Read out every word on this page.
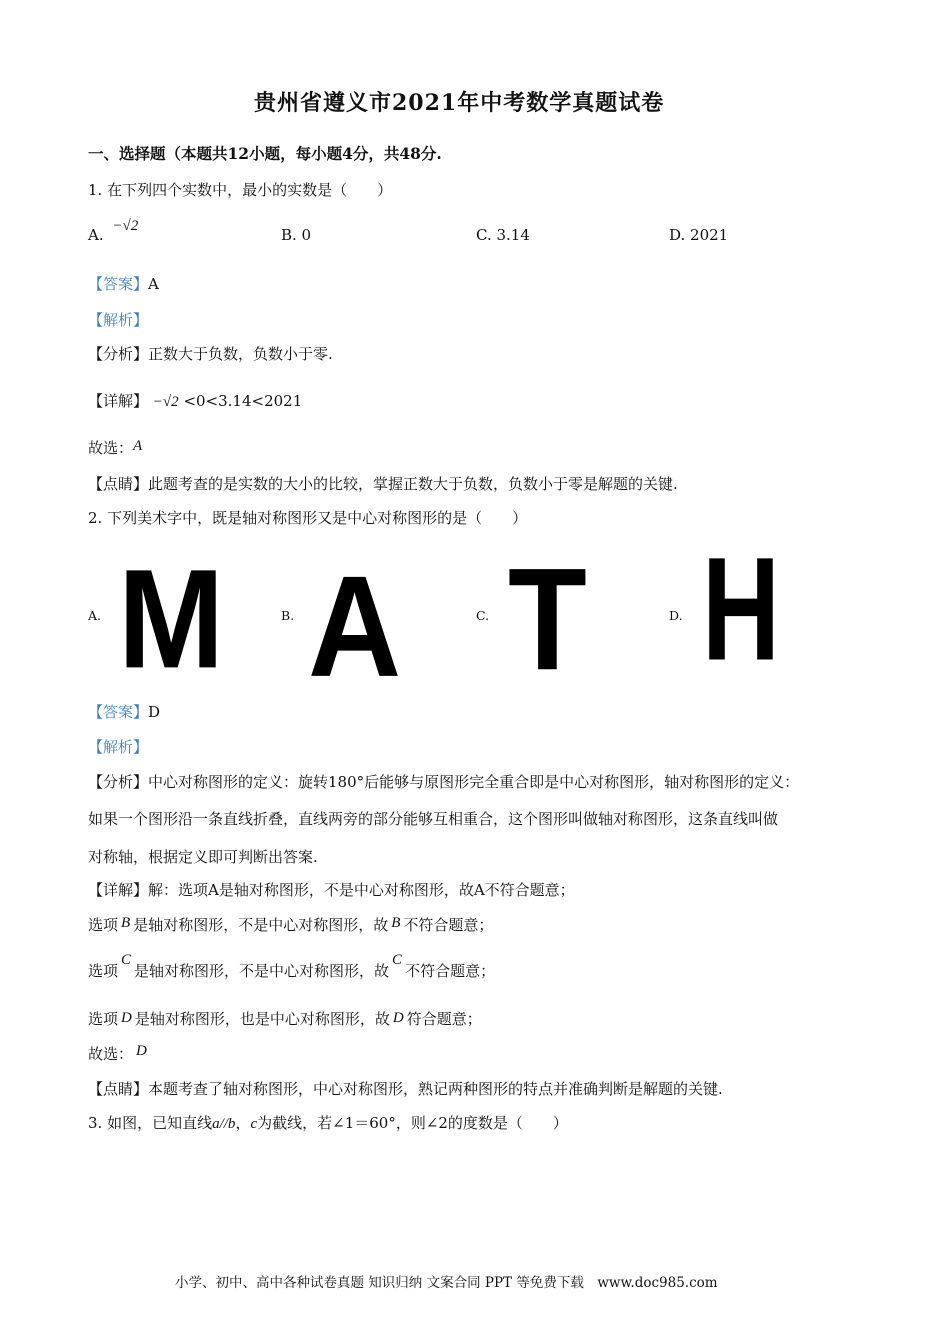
贵州省遵义市2021年中考数学真题试卷
一、选择题（本题共12小题，每小题4分，共48分.
1. 在下列四个实数中，最小的实数是（　　）
A. −√2	B. 0	C. 3.14	D. 2021
【答案】A
【解析】
【分析】正数大于负数，负数小于零.
【详解】 −√2 <0<3.14<2021
故选：A
【点睛】此题考查的是实数的大小的比较，掌握正数大于负数，负数小于零是解题的关键.
2. 下列美术字中，既是轴对称图形又是中心对称图形的是（　　）
A.	B.	C.	D.
M A T H
【答案】D
【解析】
【分析】中心对称图形的定义：旋转180°后能够与原图形完全重合即是中心对称图形，轴对称图形的定义：
如果一个图形沿一条直线折叠，直线两旁的部分能够互相重合，这个图形叫做轴对称图形，这条直线叫做
对称轴，根据定义即可判断出答案.
【详解】解：选项A是轴对称图形，不是中心对称图形，故A不符合题意；
选项 B 是轴对称图形，不是中心对称图形，故 B 不符合题意；
选项C是轴对称图形，不是中心对称图形，故C不符合题意；
选项 D 是轴对称图形，也是中心对称图形，故 D 符合题意；
故选： D
【点睛】本题考查了轴对称图形，中心对称图形，熟记两种图形的特点并准确判断是解题的关键.
3. 如图，已知直线a//b，c为截线，若∠1＝60°，则∠2的度数是（　　）
小学、初中、高中各种试卷真题 知识归纳 文案合同 PPT 等免费下载　www.doc985.com
